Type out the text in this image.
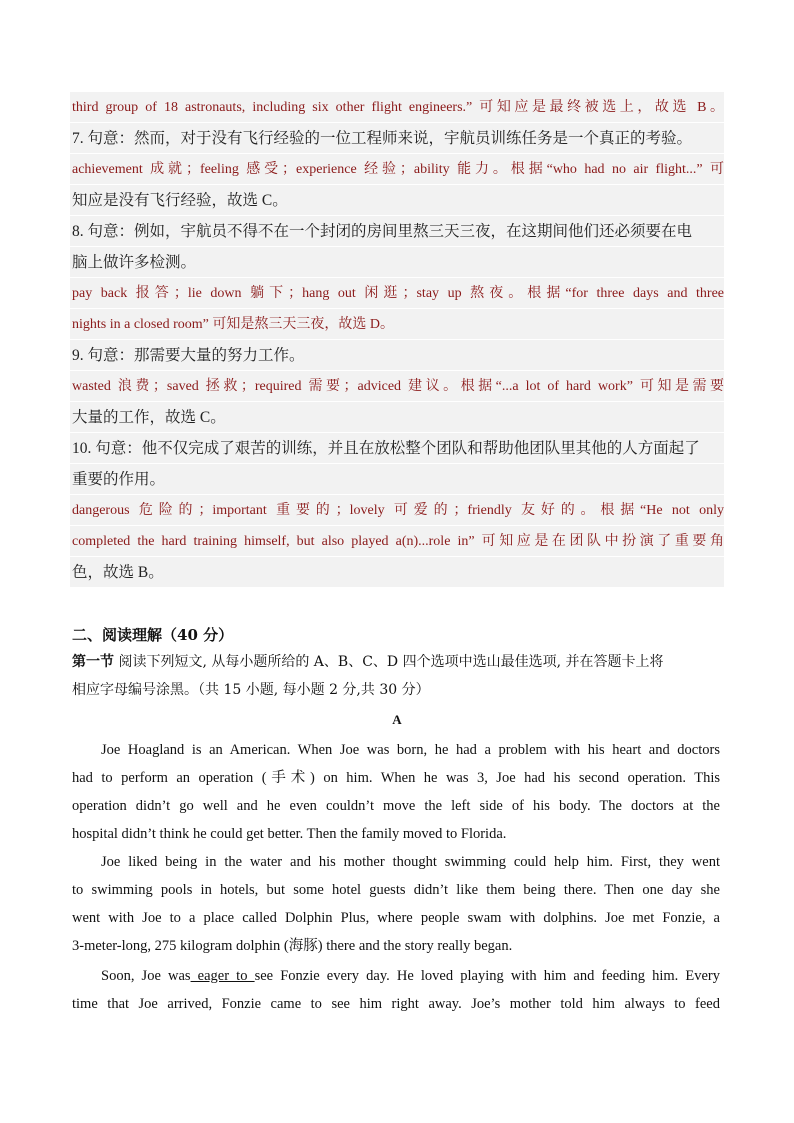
third group of 18 astronauts, including six other flight engineers.” 可知应是最终被选上，故选 B。
7. 句意：然而，对于没有飞行经验的一位工程师来说，宇航员训练任务是一个真正的考验。
achievement 成就；feeling 感受；experience 经验；ability 能力。根据“who had no air flight...” 可
知应是没有飞行经验，故选 C。
8. 句意：例如，宇航员不得不在一个封闭的房间里熬三天三夜，在这期间他们还必须要在电
脑上做许多检测。
pay back 报答；lie down 躺下；hang out 闲逛；stay up 熬夜。根据“for three days and three
nights in a closed room” 可知是熬三天三夜，故选 D。
9. 句意：那需要大量的努力工作。
wasted 浪费；saved 拯救；required 需要；adviced 建议。根据“...a lot of hard work” 可知是需要
大量的工作，故选 C。
10. 句意：他不仅完成了艰苦的训练，并且在放松整个团队和帮助他团队里其他的人方面起了
重要的作用。
dangerous 危险的；important 重要的；lovely 可爱的；friendly 友好的。根据“He not only
completed the hard training himself, but also played a(n)...role in” 可知应是在团队中扮演了重要角
色，故选 B。
二、阅读理解（40 分）
第一节 阅读下列短文, 从每小题所给的 A、B、C、D 四个选项中选山最佳选项, 并在答题卡上将
相应字母编号涂黑。（共 15 小题, 每小题 2 分,共 30 分）
A
Joe Hoagland is an American. When Joe was born, he had a problem with his heart and doctors
had to perform an operation (手术) on him. When he was 3, Joe had his second operation. This
operation didn’t go well and he even couldn’t move the left side of his body. The doctors at the
hospital didn’t think he could get better. Then the family moved to Florida.
Joe liked being in the water and his mother thought swimming could help him. First, they went
to swimming pools in hotels, but some hotel guests didn’t like them being there. Then one day she
went with Joe to a place called Dolphin Plus, where people swam with dolphins. Joe met Fonzie, a
3-meter-long, 275 kilogram dolphin (海豚) there and the story really began.
Soon, Joe was eager to see Fonzie every day. He loved playing with him and feeding him. Every
time that Joe arrived, Fonzie came to see him right away. Joe’s mother told him always to feed
